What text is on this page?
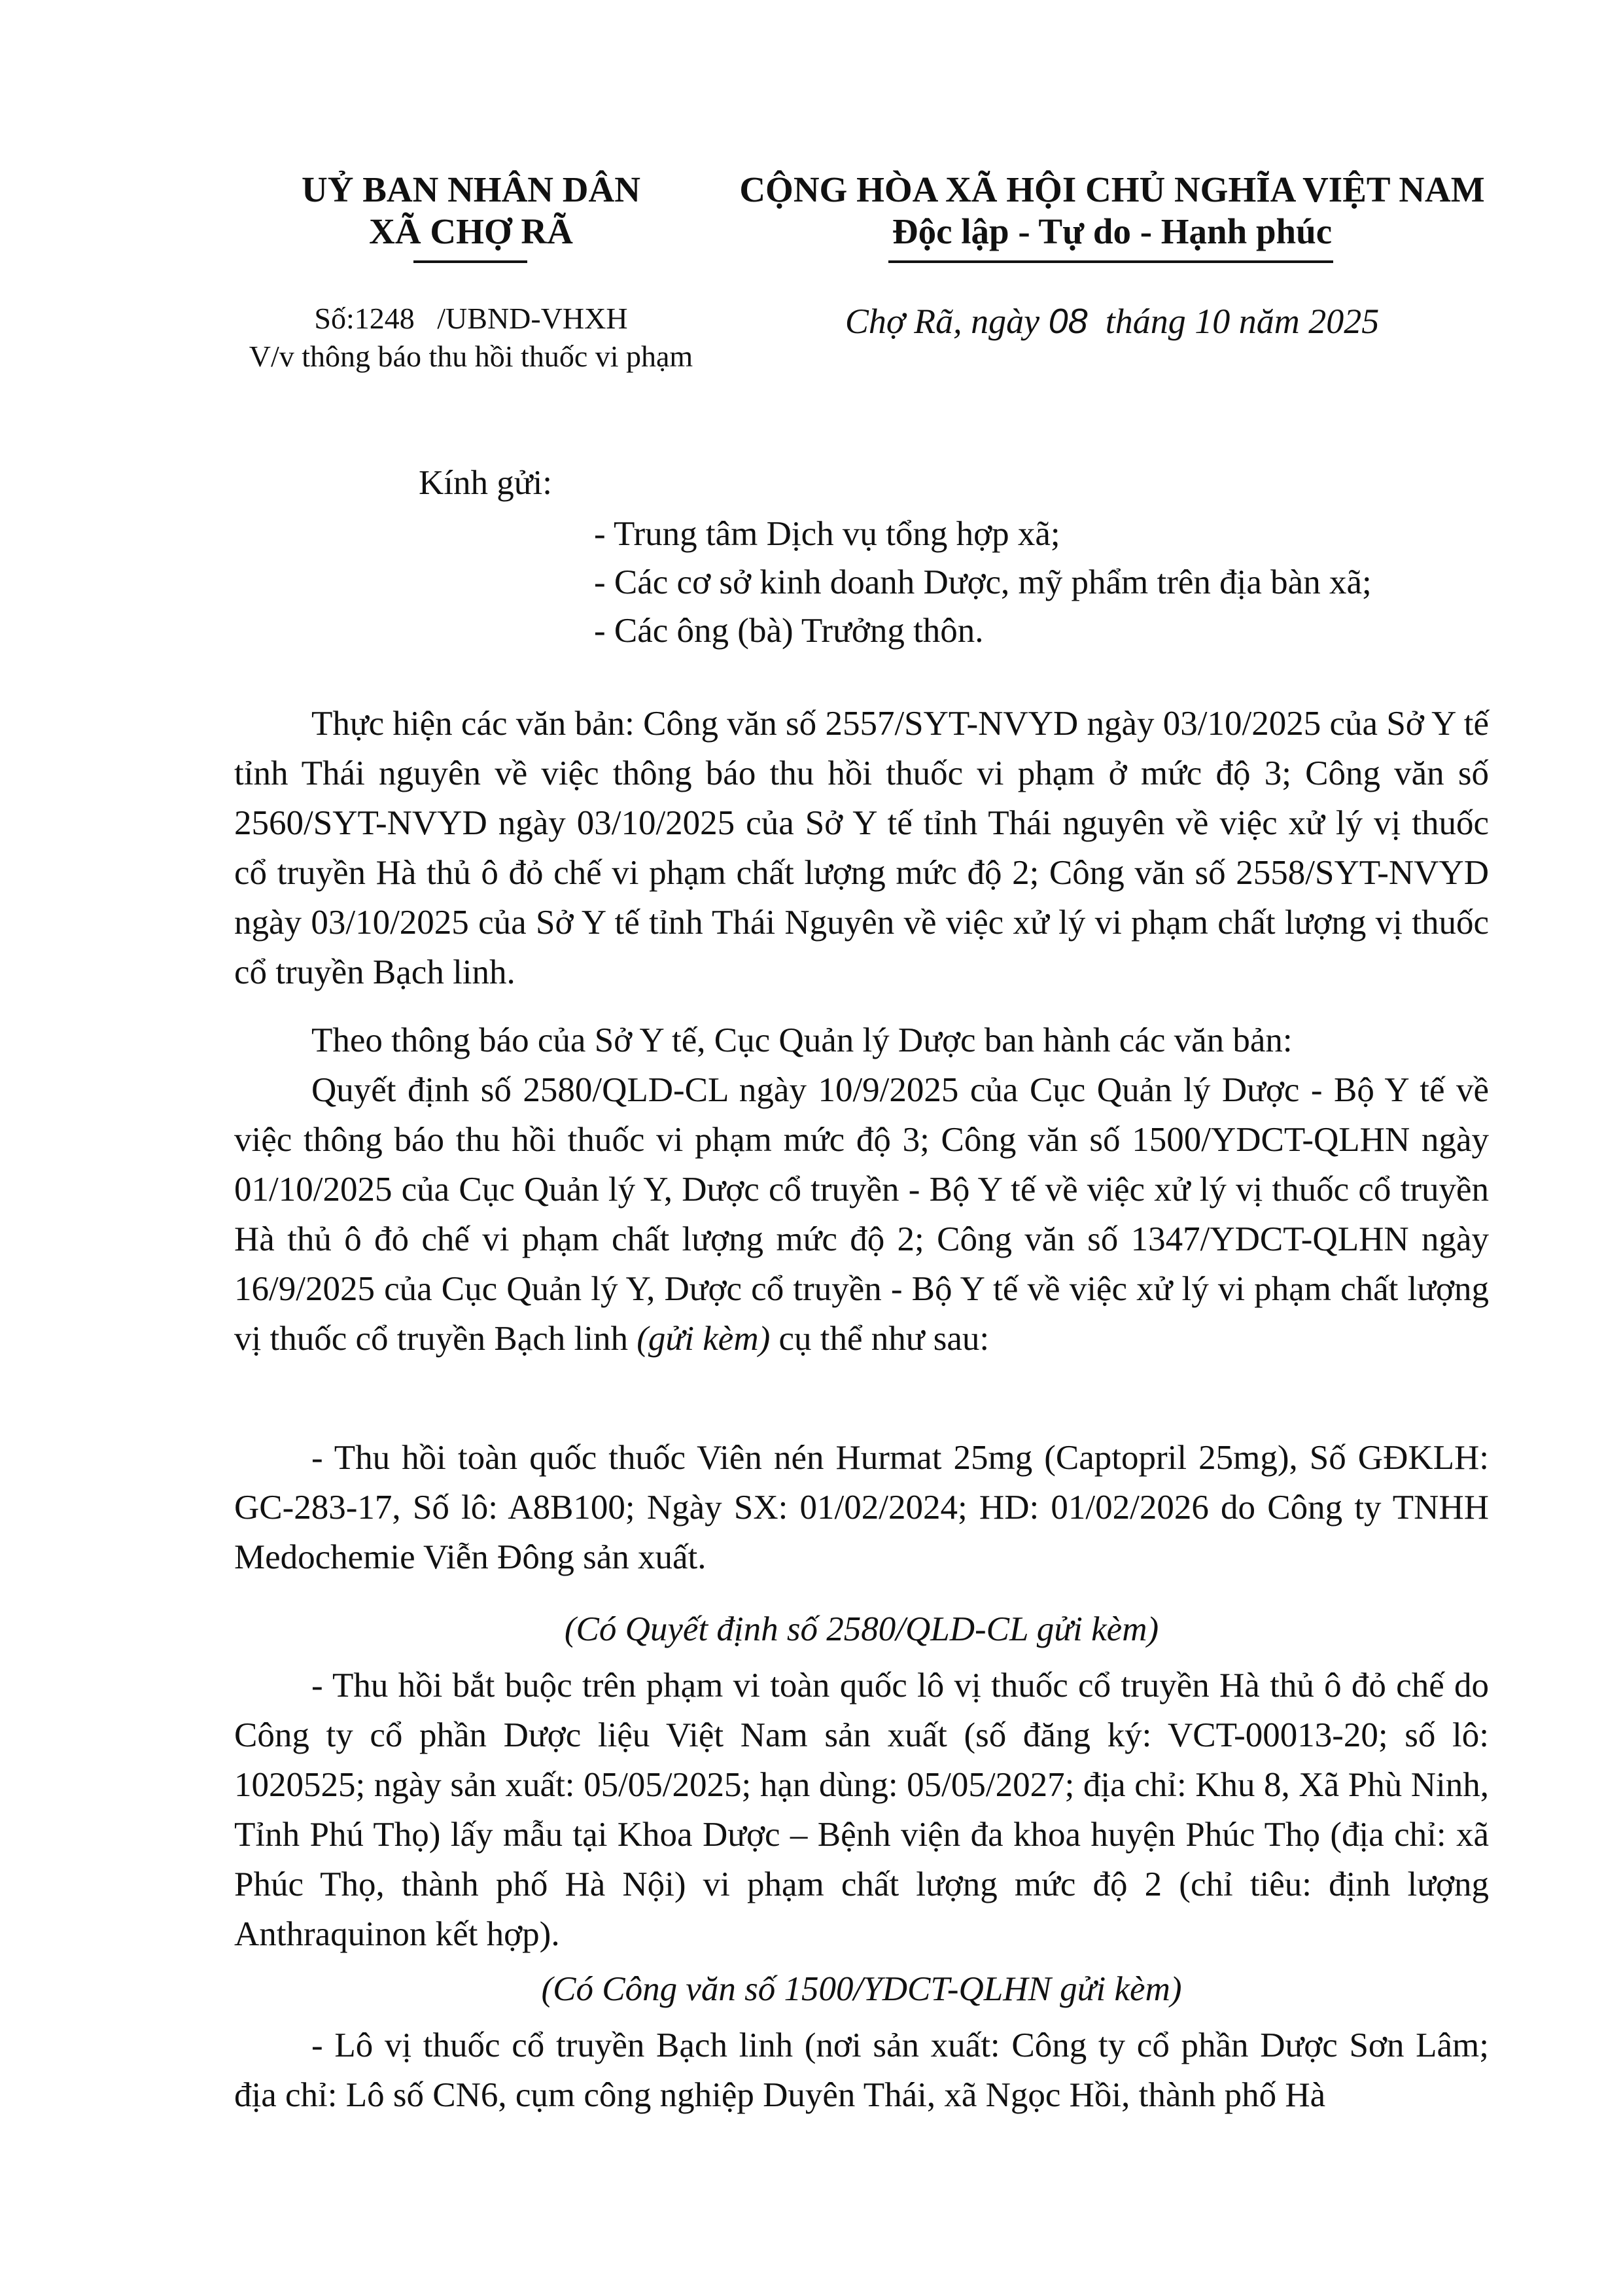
UỶ BAN NHÂN DÂN
XÃ CHỢ RÃ
CỘNG HÒA XÃ HỘI CHỦ NGHĨA VIỆT NAM
Độc lập - Tự do - Hạnh phúc
Số:1248   /UBND-VHXH
V/v thông báo thu hồi thuốc vi phạm
Chợ Rã, ngày 08  tháng 10 năm 2025
Kính gửi:
- Trung tâm Dịch vụ tổng hợp xã;
- Các cơ sở kinh doanh Dược, mỹ phẩm trên địa bàn xã;
- Các ông (bà) Trưởng thôn.

Thực hiện các văn bản: Công văn số 2557/SYT-NVYD ngày 03/10/2025 của Sở Y tế tỉnh Thái nguyên về việc thông báo thu hồi thuốc vi phạm ở mức độ 3; Công văn số 2560/SYT-NVYD ngày 03/10/2025 của Sở Y tế tỉnh Thái nguyên về việc xử lý vị thuốc cổ truyền Hà thủ ô đỏ chế vi phạm chất lượng mức độ 2; Công văn số 2558/SYT-NVYD ngày 03/10/2025 của Sở Y tế tỉnh Thái Nguyên về việc xử lý vi phạm chất lượng vị thuốc cổ truyền Bạch linh.

Theo thông báo của Sở Y tế, Cục Quản lý Dược ban hành các văn bản:

Quyết định số 2580/QLD-CL ngày 10/9/2025 của Cục Quản lý Dược - Bộ Y tế về việc thông báo thu hồi thuốc vi phạm mức độ 3; Công văn số 1500/YDCT-QLHN ngày 01/10/2025 của Cục Quản lý Y, Dược cổ truyền - Bộ Y tế về việc xử lý vị thuốc cổ truyền Hà thủ ô đỏ chế vi phạm chất lượng mức độ 2; Công văn số 1347/YDCT-QLHN ngày 16/9/2025 của Cục Quản lý Y, Dược cổ truyền - Bộ Y tế về việc xử lý vi phạm chất lượng vị thuốc cổ truyền Bạch linh (gửi kèm) cụ thể như sau:

- Thu hồi toàn quốc thuốc Viên nén Hurmat 25mg (Captopril 25mg), Số GĐKLH: GC-283-17, Số lô: A8B100; Ngày SX: 01/02/2024; HD: 01/02/2026 do Công ty TNHH Medochemie Viễn Đông sản xuất.

(Có Quyết định số 2580/QLD-CL gửi kèm)

- Thu hồi bắt buộc trên phạm vi toàn quốc lô vị thuốc cổ truyền Hà thủ ô đỏ chế do Công ty cổ phần Dược liệu Việt Nam sản xuất (số đăng ký: VCT-00013-20; số lô: 1020525; ngày sản xuất: 05/05/2025; hạn dùng: 05/05/2027; địa chỉ: Khu 8, Xã Phù Ninh, Tỉnh Phú Thọ) lấy mẫu tại Khoa Dược – Bệnh viện đa khoa huyện Phúc Thọ (địa chỉ: xã Phúc Thọ, thành phố Hà Nội) vi phạm chất lượng mức độ 2 (chỉ tiêu: định lượng Anthraquinon kết hợp).

(Có Công văn số 1500/YDCT-QLHN gửi kèm)

- Lô vị thuốc cổ truyền Bạch linh (nơi sản xuất: Công ty cổ phần Dược Sơn Lâm; địa chỉ: Lô số CN6, cụm công nghiệp Duyên Thái, xã Ngọc Hồi, thành phố Hà
